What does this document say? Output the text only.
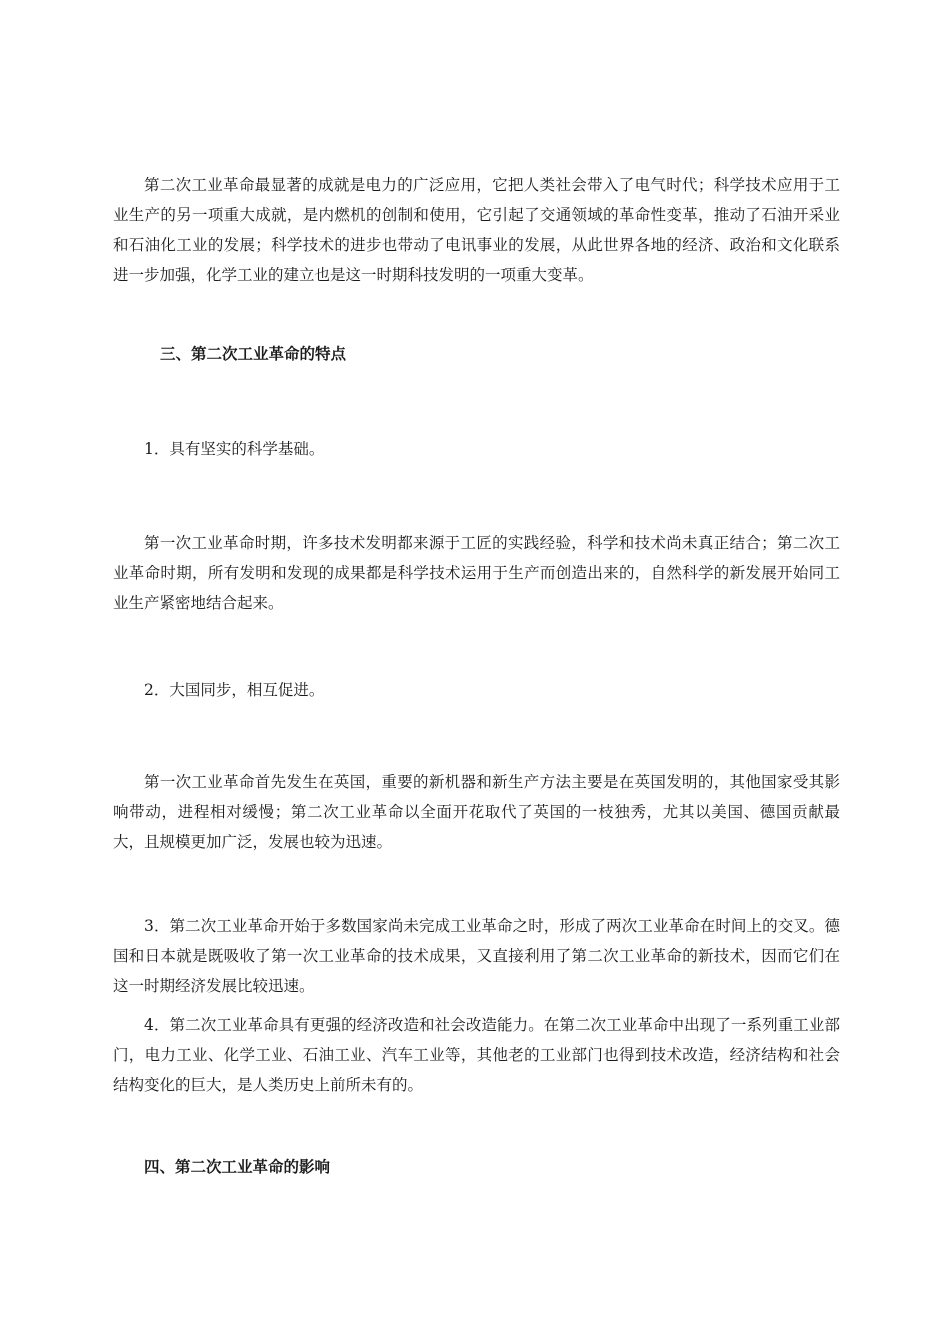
第二次工业革命最显著的成就是电力的广泛应用，它把人类社会带入了电气时代；科学技术应用于工业生产的另一项重大成就，是内燃机的创制和使用，它引起了交通领域的革命性变革，推动了石油开采业和石油化工业的发展；科学技术的进步也带动了电讯事业的发展，从此世界各地的经济、政治和文化联系进一步加强，化学工业的建立也是这一时期科技发明的一项重大变革。

三、第二次工业革命的特点

1．具有坚实的科学基础。

第一次工业革命时期，许多技术发明都来源于工匠的实践经验，科学和技术尚未真正结合；第二次工业革命时期，所有发明和发现的成果都是科学技术运用于生产而创造出来的，自然科学的新发展开始同工业生产紧密地结合起来。

2．大国同步，相互促进。

第一次工业革命首先发生在英国，重要的新机器和新生产方法主要是在英国发明的，其他国家受其影响带动，进程相对缓慢；第二次工业革命以全面开花取代了英国的一枝独秀，尤其以美国、德国贡献最大，且规模更加广泛，发展也较为迅速。

3．第二次工业革命开始于多数国家尚未完成工业革命之时，形成了两次工业革命在时间上的交叉。德国和日本就是既吸收了第一次工业革命的技术成果，又直接利用了第二次工业革命的新技术，因而它们在这一时期经济发展比较迅速。

4．第二次工业革命具有更强的经济改造和社会改造能力。在第二次工业革命中出现了一系列重工业部门，电力工业、化学工业、石油工业、汽车工业等，其他老的工业部门也得到技术改造，经济结构和社会结构变化的巨大，是人类历史上前所未有的。

四、第二次工业革命的影响
